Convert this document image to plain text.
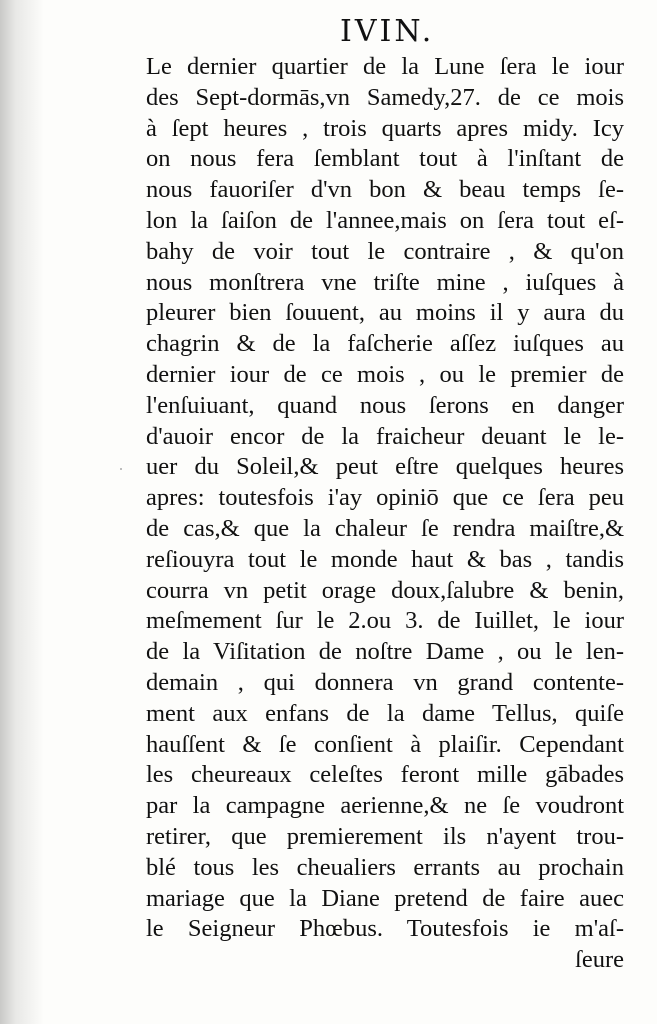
IVIN.
Le dernier quartier de la Lune ſera le iour
des Sept-dormās,vn Samedy,27. de ce mois
à ſept heures , trois quarts apres midy. Icy
on nous fera ſemblant tout à l'inſtant de
nous fauoriſer d'vn bon & beau temps ſe-
lon la ſaiſon de l'annee,mais on ſera tout eſ-
bahy de voir tout le contraire , & qu'on
nous monſtrera vne triſte mine , iuſques à
pleurer bien ſouuent, au moins il y aura du
chagrin & de la faſcherie aſſez iuſques au
dernier iour de ce mois , ou le premier de
l'enſuiuant, quand nous ſerons en danger
d'auoir encor de la fraicheur deuant le le-
uer du Soleil,& peut eſtre quelques heures
apres: toutesfois i'ay opiniō que ce ſera peu
de cas,& que la chaleur ſe rendra maiſtre,&
reſiouyra tout le monde haut & bas , tandis
courra vn petit orage doux,ſalubre & benin,
meſmement ſur le 2.ou 3. de Iuillet, le iour
de la Viſitation de noſtre Dame , ou le len-
demain , qui donnera vn grand contente-
ment aux enfans de la dame Tellus, quiſe
hauſſent & ſe conſient à plaiſir. Cependant
les cheureaux celeſtes feront mille gābades
par la campagne aerienne,& ne ſe voudront
retirer, que premierement ils n'ayent trou-
blé tous les cheualiers errants au prochain
mariage que la Diane pretend de faire auec
le Seigneur Phœbus. Toutesfois ie m'aſ-
ſeure
